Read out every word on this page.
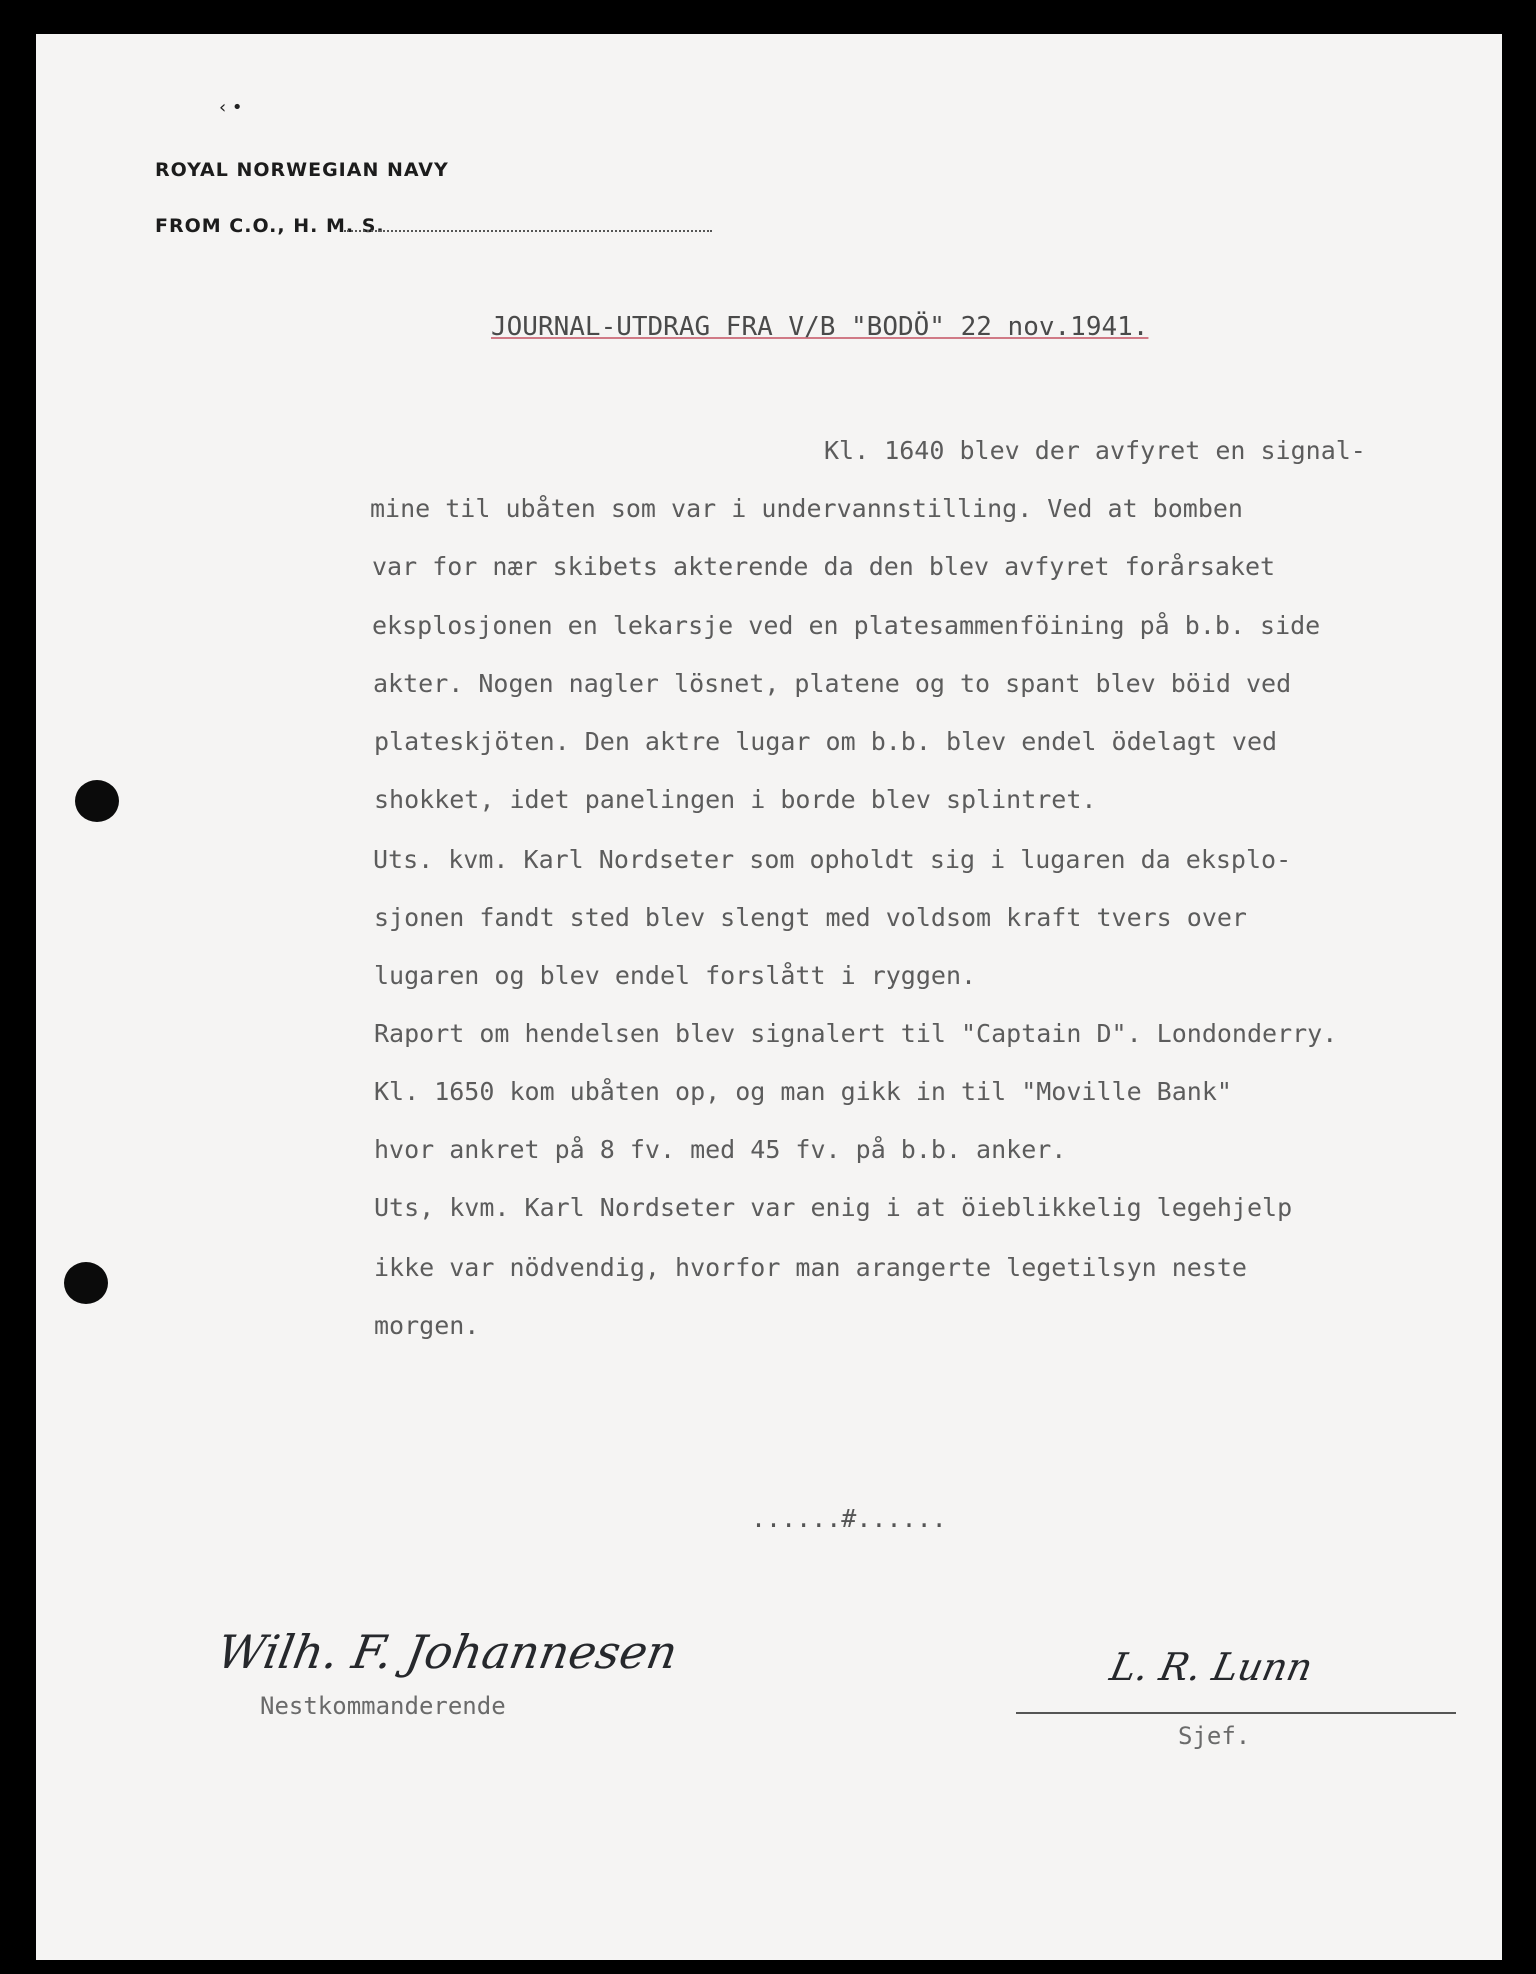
‹ •
ROYAL NORWEGIAN NAVY
FROM C.O., H. M. S.
JOURNAL-UTDRAG FRA V/B "BODÖ" 22 nov.1941.
Kl. 1640 blev der avfyret en signal-
mine til ubåten som var i undervannstilling. Ved at bomben
var for nær skibets akterende da den blev avfyret forårsaket
eksplosjonen en lekarsje ved en platesammenföining på b.b. side
akter. Nogen nagler lösnet, platene og to spant blev böid ved
plateskjöten. Den aktre lugar om b.b. blev endel ödelagt ved
shokket, idet panelingen i borde blev splintret.
Uts. kvm. Karl Nordseter som opholdt sig i lugaren da eksplo-
sjonen fandt sted blev slengt med voldsom kraft tvers over
lugaren og blev endel forslått i ryggen.
Raport om hendelsen blev signalert til "Captain D". Londonderry.
Kl. 1650 kom ubåten op, og man gikk in til "Moville Bank"
hvor ankret på 8 fv. med 45 fv. på b.b. anker.
Uts, kvm. Karl Nordseter var enig i at öieblikkelig legehjelp
ikke var nödvendig, hvorfor man arangerte legetilsyn neste
morgen.
......#......
Wilh. F. Johannesen
Nestkommanderende
L. R. Lunn
Sjef.
